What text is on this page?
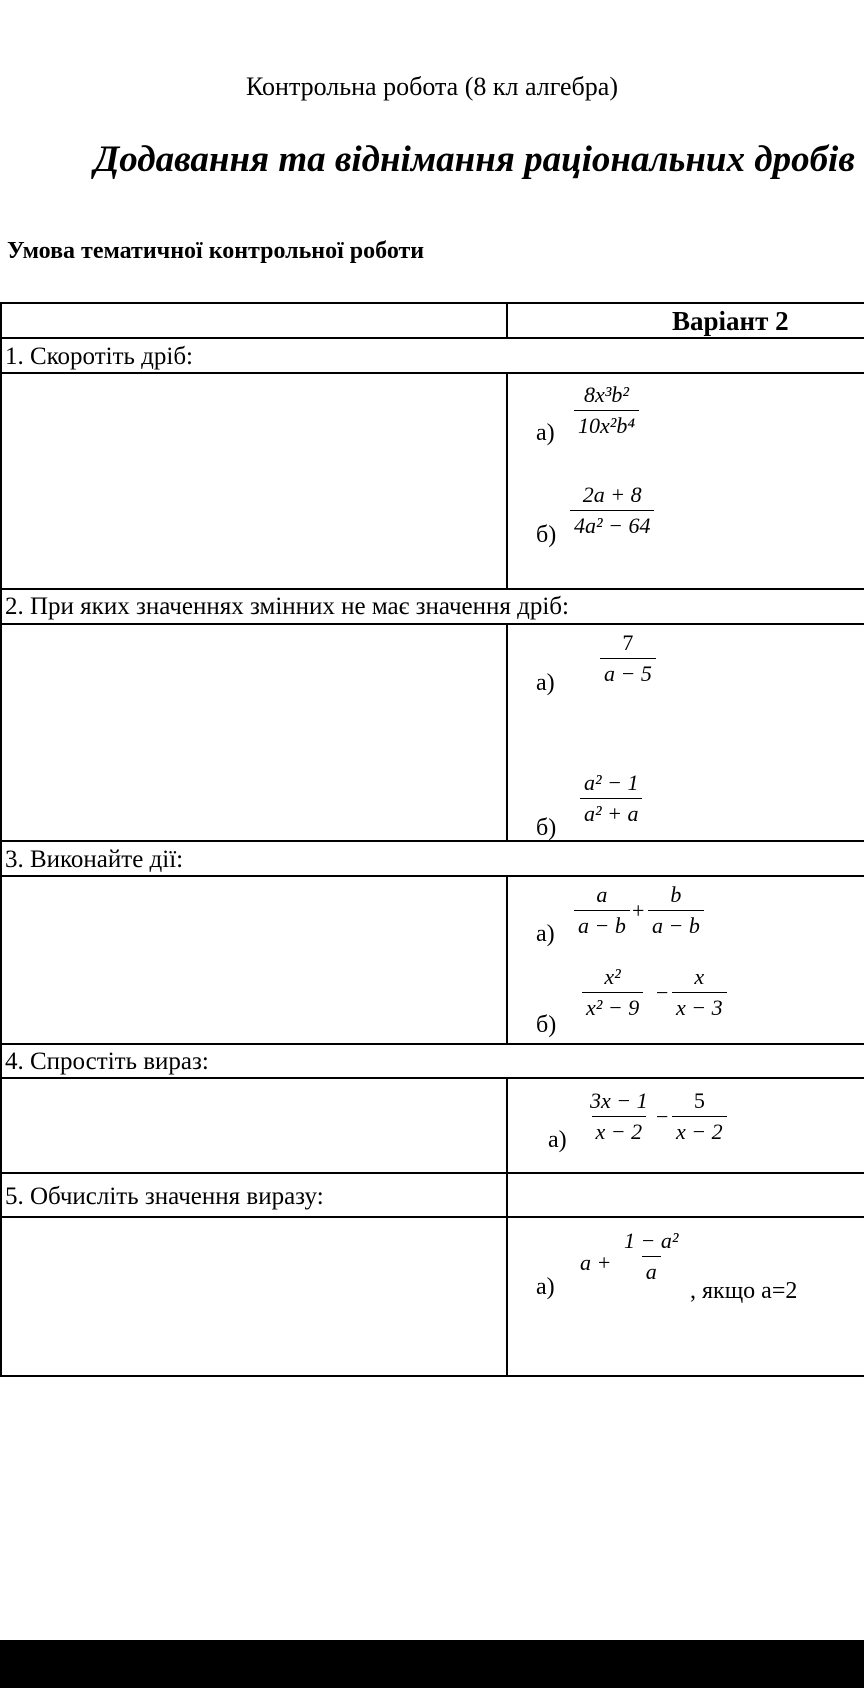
Контрольна робота (8 кл алгебра)
Додавання та віднімання раціональних дробів
Умова тематичної контрольної роботи
Варіант 2
1. Скоротіть дріб:
$а) \frac{\text{8x³b²}}{\text{10x²b⁴}}$
$б) \frac{2a + 8}{\text{4a² − 64}}$
2. При яких значеннях змінних не має значення дріб:
$а) \frac{7}{a - 5}$
$б) \frac{\text{a² − 1}}{\text{a² + a}}$
3. Виконайте дії:
$а) \frac{a}{a - b} + \frac{b}{a - b}$
б)
$\frac{\text{x²}}{\text{x² − 9}} - \frac{x}{x - 3}$
4. Спростіть вираз:
$а) \frac{3x - 1}{x - 2} - \frac{5}{x - 2}$
5. Обчисліть значення виразу:
а)
$a + \frac{\text{1 − a²}}{a}$
, якщо а=2
